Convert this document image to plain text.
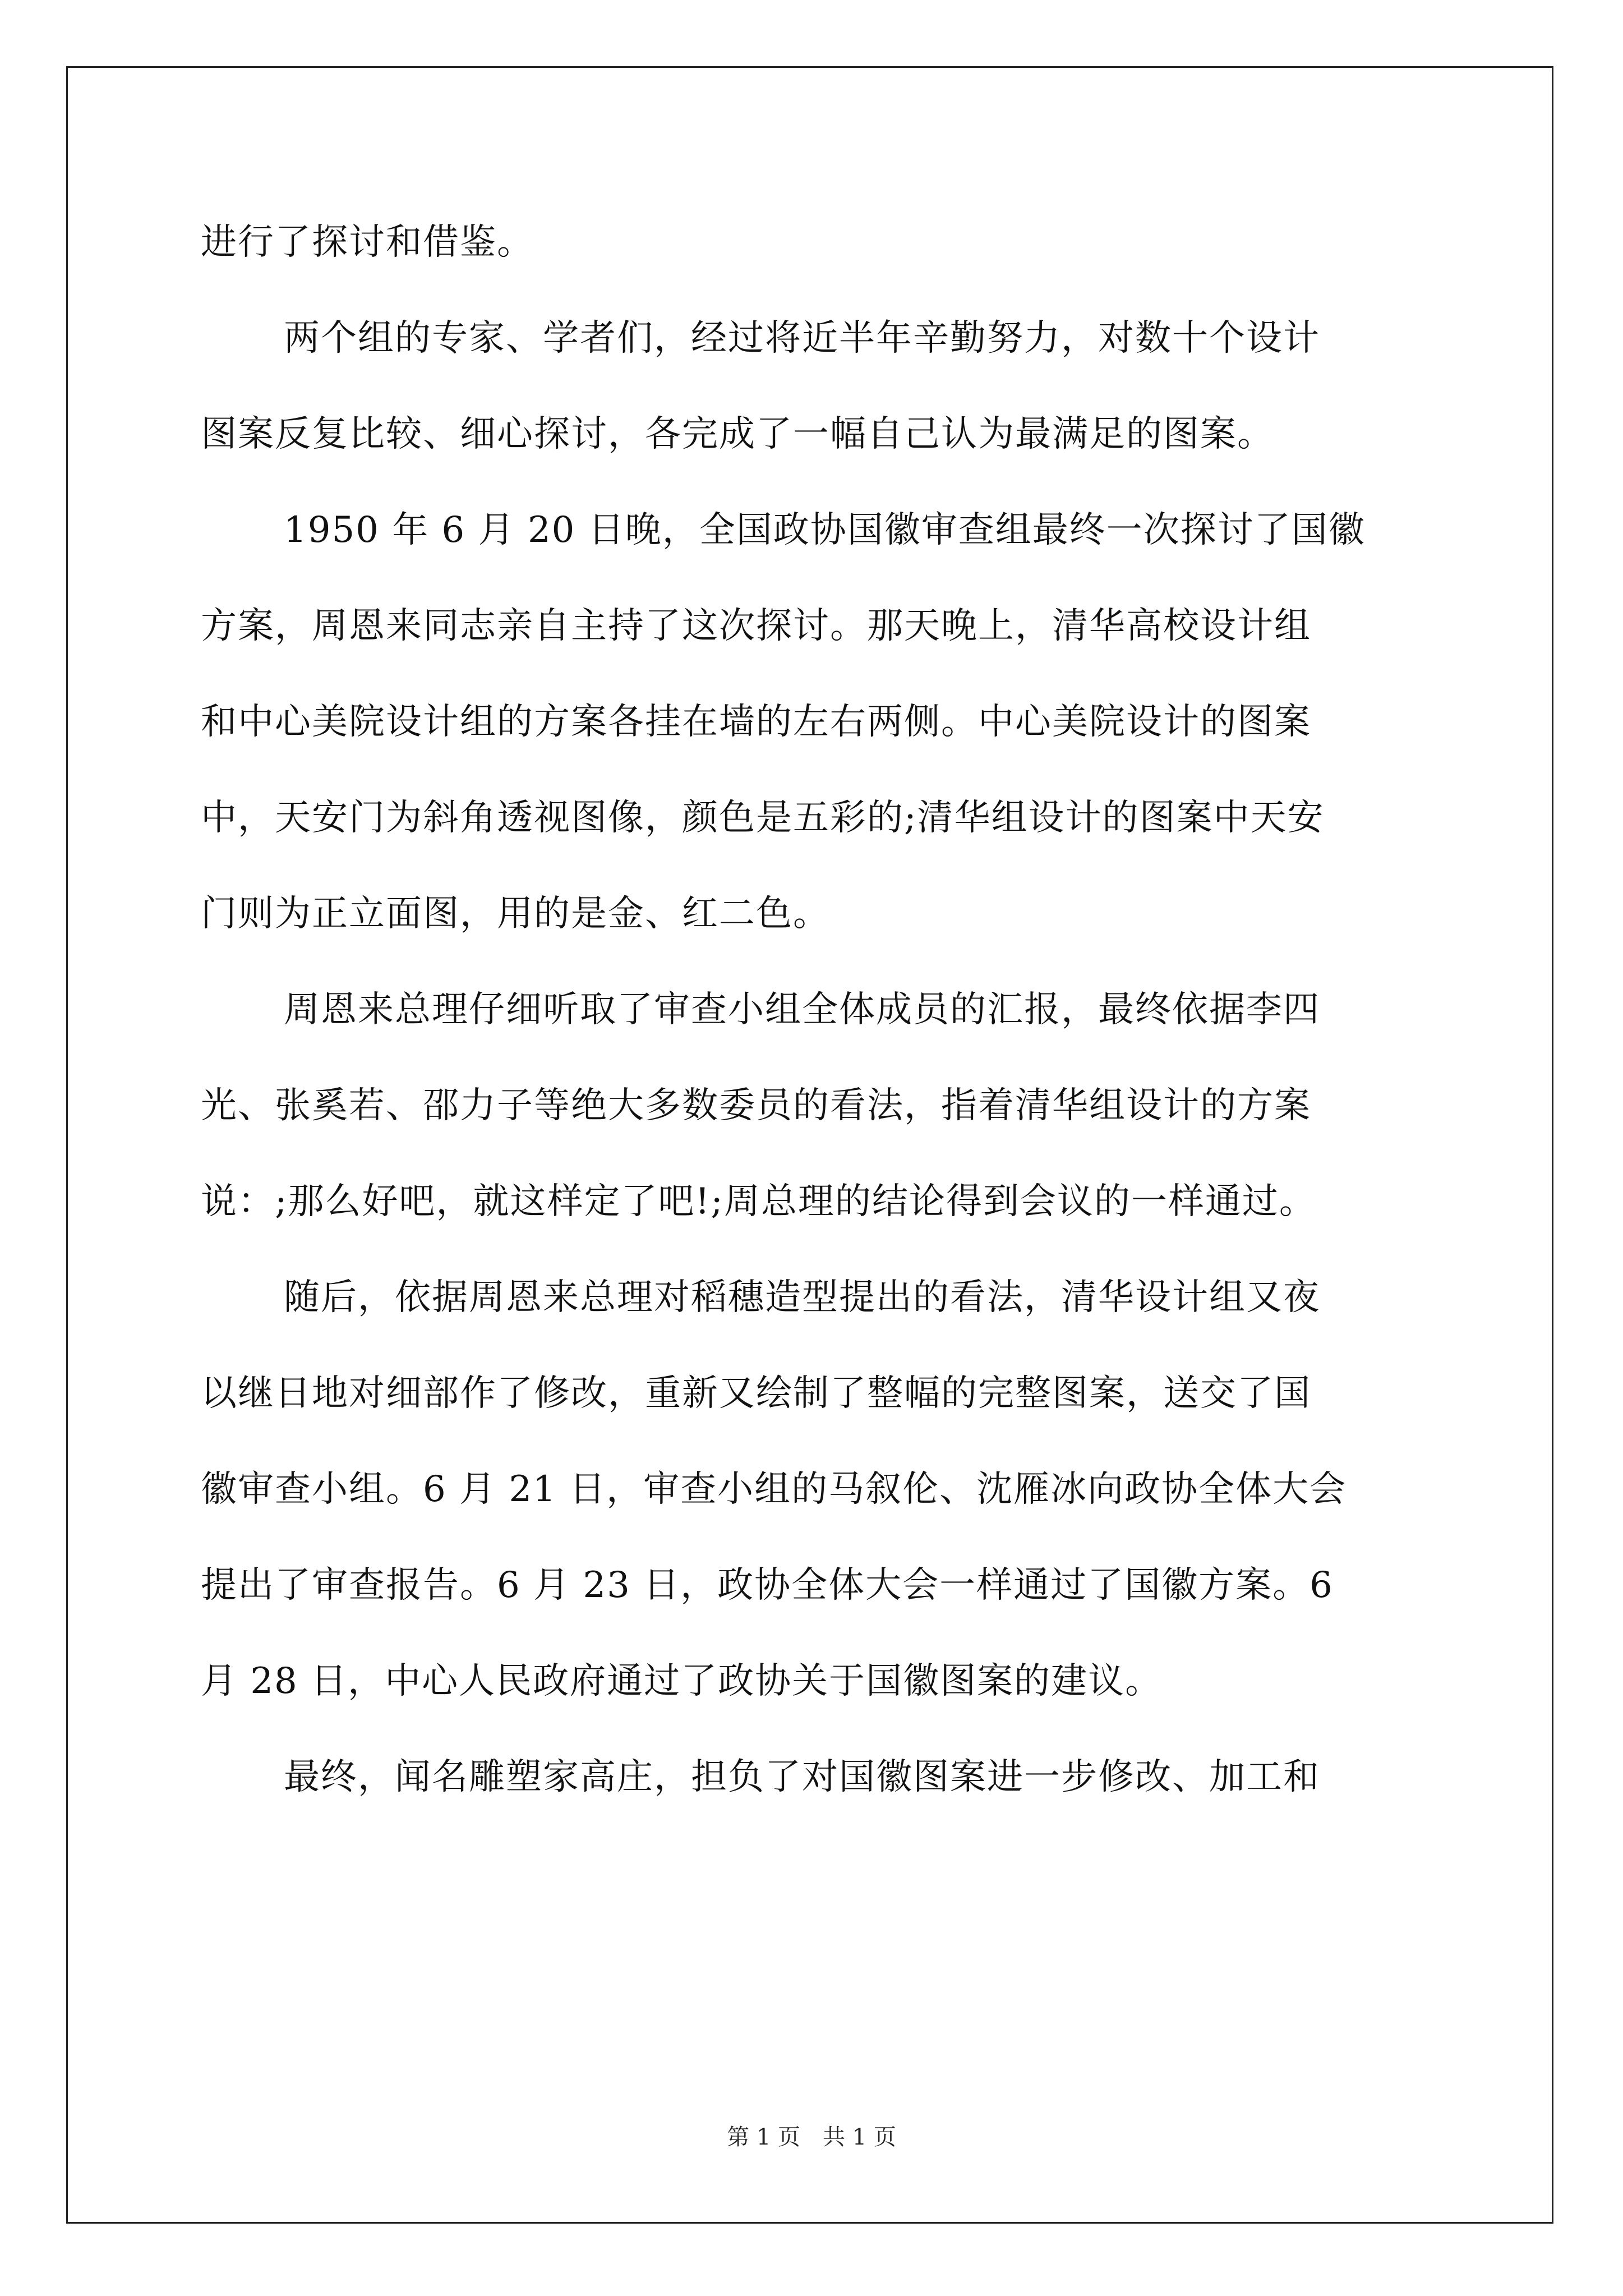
进行了探讨和借鉴。
两个组的专家、学者们，经过将近半年辛勤努力，对数十个设计
图案反复比较、细心探讨，各完成了一幅自己认为最满足的图案。
1950 年 6 月 20 日晚，全国政协国徽审查组最终一次探讨了国徽
方案，周恩来同志亲自主持了这次探讨。那天晚上，清华高校设计组
和中心美院设计组的方案各挂在墙的左右两侧。中心美院设计的图案
中，天安门为斜角透视图像，颜色是五彩的;清华组设计的图案中天安
门则为正立面图，用的是金、红二色。
周恩来总理仔细听取了审查小组全体成员的汇报，最终依据李四
光、张奚若、邵力子等绝大多数委员的看法，指着清华组设计的方案
说：;那么好吧，就这样定了吧!;周总理的结论得到会议的一样通过。
随后，依据周恩来总理对稻穗造型提出的看法，清华设计组又夜
以继日地对细部作了修改，重新又绘制了整幅的完整图案，送交了国
徽审查小组。6 月 21 日，审查小组的马叙伦、沈雁冰向政协全体大会
提出了审查报告。6 月 23 日，政协全体大会一样通过了国徽方案。6
月 28 日，中心人民政府通过了政协关于国徽图案的建议。
最终，闻名雕塑家高庄，担负了对国徽图案进一步修改、加工和
第 1 页　共 1 页
